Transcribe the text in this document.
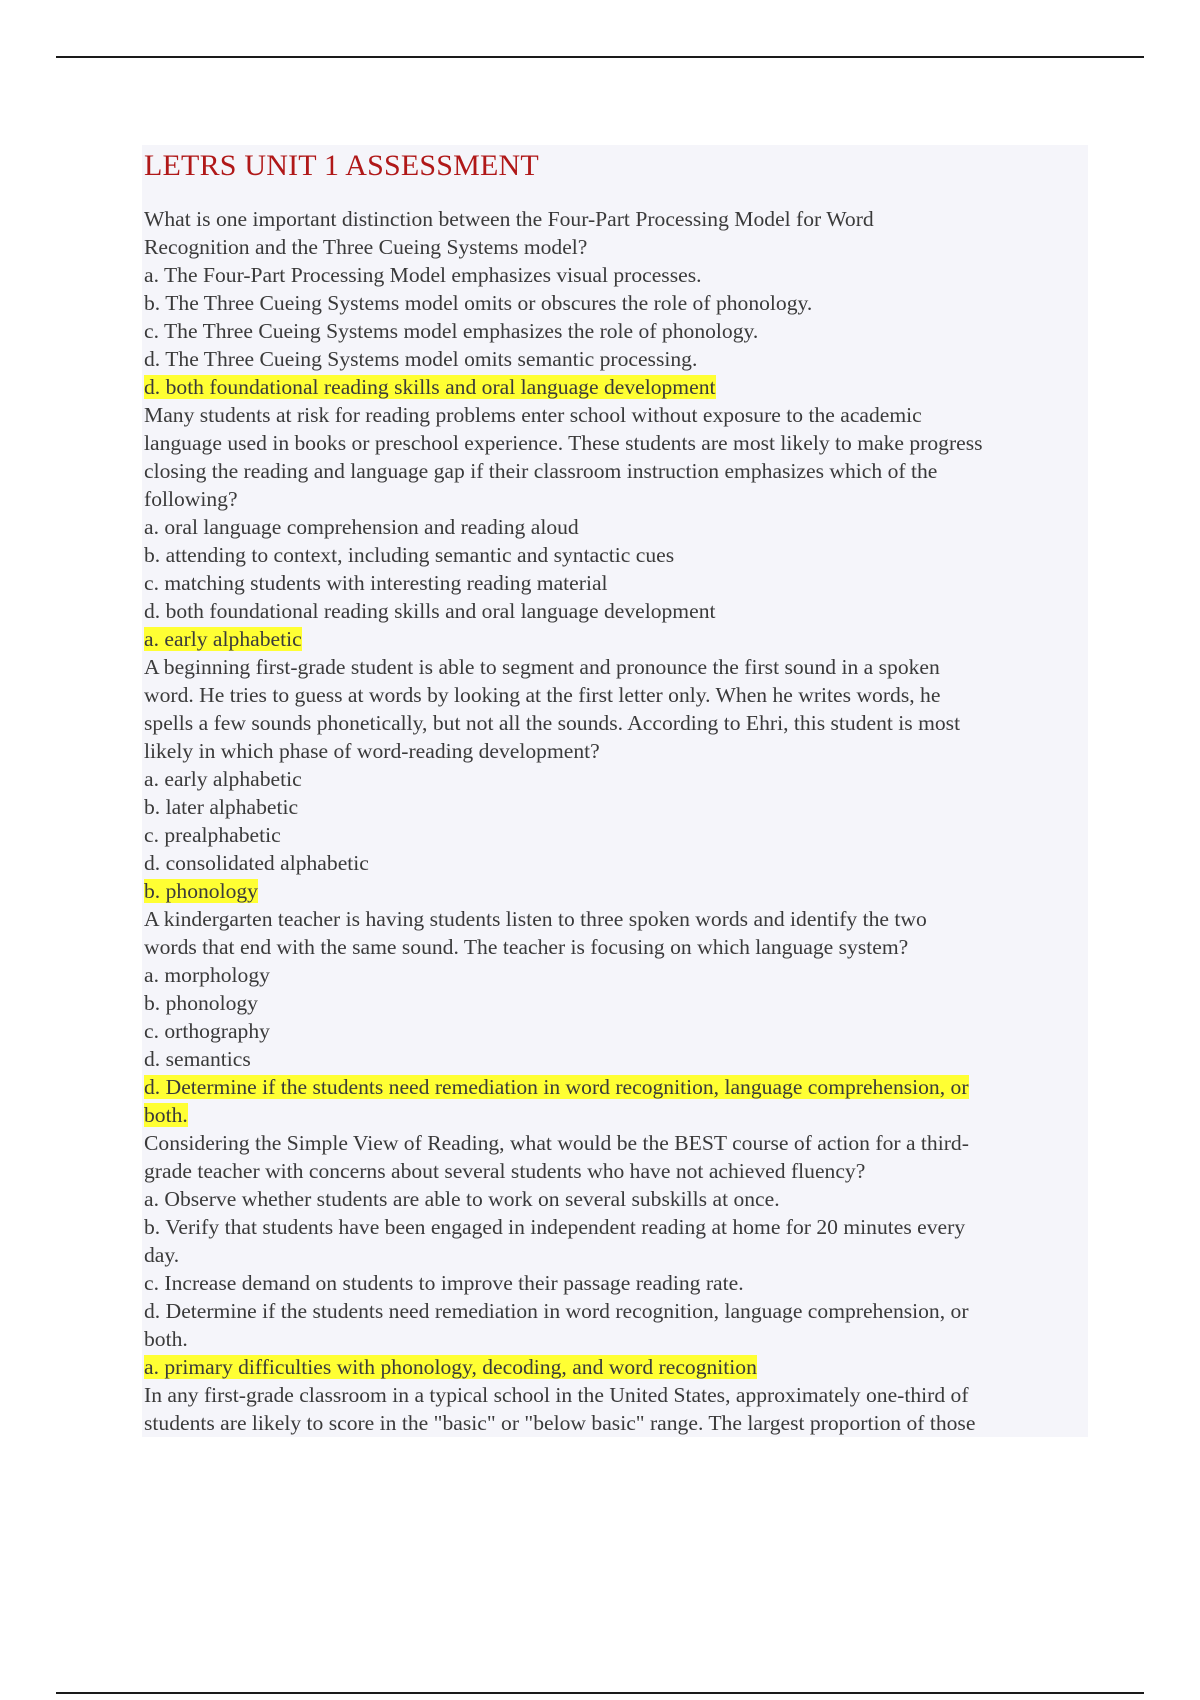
LETRS UNIT 1 ASSESSMENT
What is one important distinction between the Four-Part Processing Model for Word
Recognition and the Three Cueing Systems model?
a. The Four-Part Processing Model emphasizes visual processes.
b. The Three Cueing Systems model omits or obscures the role of phonology.
c. The Three Cueing Systems model emphasizes the role of phonology.
d. The Three Cueing Systems model omits semantic processing.
d. both foundational reading skills and oral language development
Many students at risk for reading problems enter school without exposure to the academic
language used in books or preschool experience. These students are most likely to make progress
closing the reading and language gap if their classroom instruction emphasizes which of the
following?
a. oral language comprehension and reading aloud
b. attending to context, including semantic and syntactic cues
c. matching students with interesting reading material
d. both foundational reading skills and oral language development
a. early alphabetic
A beginning first-grade student is able to segment and pronounce the first sound in a spoken
word. He tries to guess at words by looking at the first letter only. When he writes words, he
spells a few sounds phonetically, but not all the sounds. According to Ehri, this student is most
likely in which phase of word-reading development?
a. early alphabetic
b. later alphabetic
c. prealphabetic
d. consolidated alphabetic
b. phonology
A kindergarten teacher is having students listen to three spoken words and identify the two
words that end with the same sound. The teacher is focusing on which language system?
a. morphology
b. phonology
c. orthography
d. semantics
d. Determine if the students need remediation in word recognition, language comprehension, or
both.
Considering the Simple View of Reading, what would be the BEST course of action for a third-
grade teacher with concerns about several students who have not achieved fluency?
a. Observe whether students are able to work on several subskills at once.
b. Verify that students have been engaged in independent reading at home for 20 minutes every
day.
c. Increase demand on students to improve their passage reading rate.
d. Determine if the students need remediation in word recognition, language comprehension, or
both.
a. primary difficulties with phonology, decoding, and word recognition
In any first-grade classroom in a typical school in the United States, approximately one-third of
students are likely to score in the "basic" or "below basic" range. The largest proportion of those
